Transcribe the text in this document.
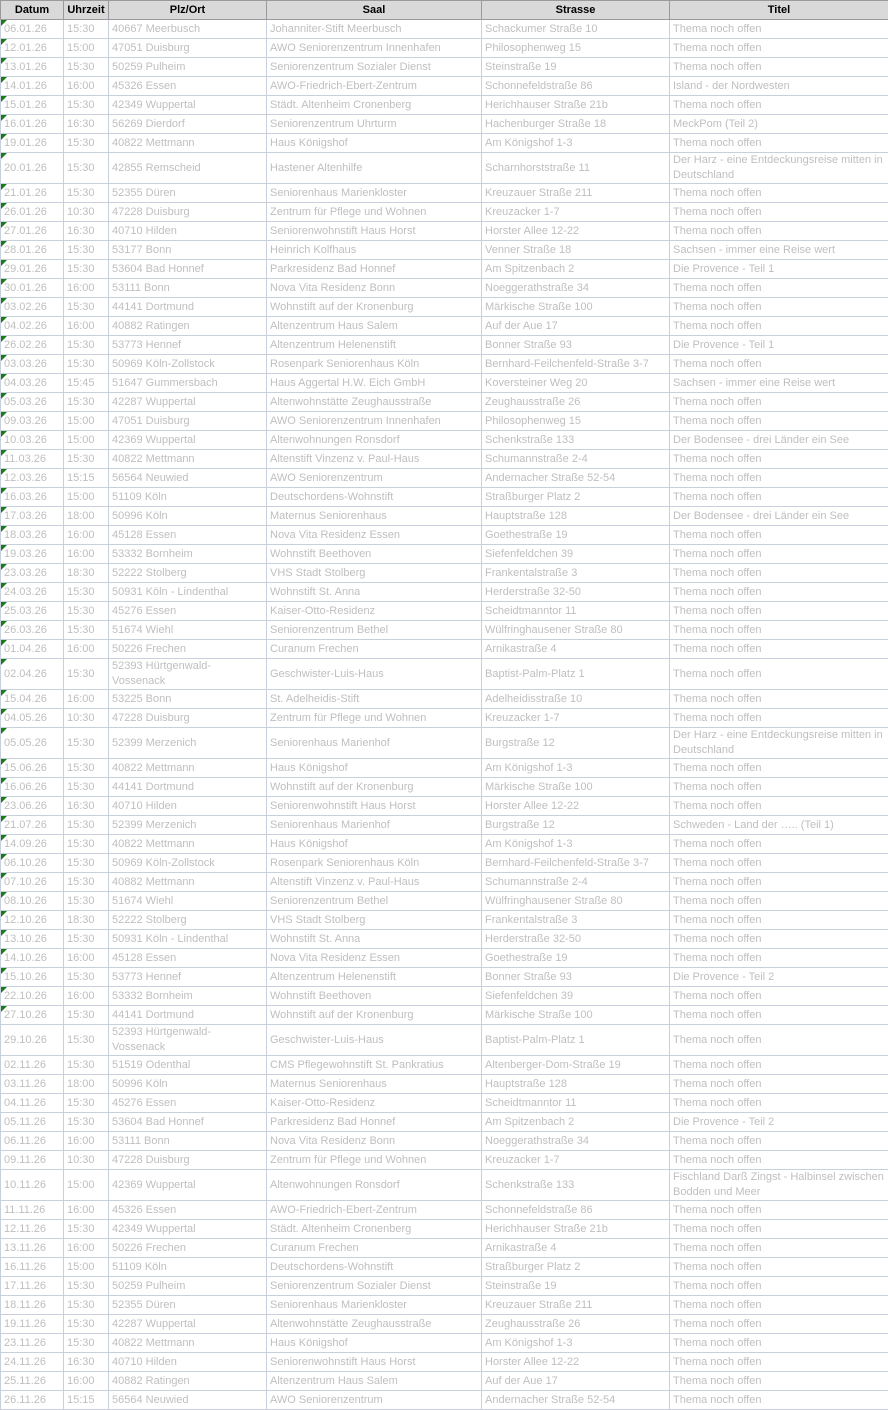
Datum	Uhrzeit	Plz/Ort	Saal	Strasse	Titel

06.01.26	15:30	40667 Meerbusch	Johanniter-Stift Meerbusch	Schackumer Straße 10	Thema noch offen

12.01.26	15:00	47051 Duisburg	AWO Seniorenzentrum Innenhafen	Philosophenweg 15	Thema noch offen

13.01.26	15:30	50259 Pulheim	Seniorenzentrum Sozialer Dienst	Steinstraße 19	Thema noch offen

14.01.26	16:00	45326 Essen	AWO-Friedrich-Ebert-Zentrum	Schonnefeldstraße 86	Island - der Nordwesten

15.01.26	15:30	42349 Wuppertal	Städt. Altenheim Cronenberg	Herichhauser Straße 21b	Thema noch offen

16.01.26	16:30	56269 Dierdorf	Seniorenzentrum Uhrturm	Hachenburger Straße 18	MeckPom (Teil 2)

19.01.26	15:30	40822 Mettmann	Haus Königshof	Am Königshof 1-3	Thema noch offen

20.01.26	15:30	42855 Remscheid	Hastener Altenhilfe	Scharnhorststraße 11	Der Harz - eine Entdeckungsreise mitten in Deutschland

21.01.26	15:30	52355 Düren	Seniorenhaus Marienkloster	Kreuzauer Straße 211	Thema noch offen

26.01.26	10:30	47228 Duisburg	Zentrum für Pflege und Wohnen	Kreuzacker 1-7	Thema noch offen

27.01.26	16:30	40710 Hilden	Seniorenwohnstift Haus Horst	Horster Allee 12-22	Thema noch offen

28.01.26	15:30	53177 Bonn	Heinrich Kolfhaus	Venner Straße 18	Sachsen - immer eine Reise wert

29.01.26	15:30	53604 Bad Honnef	Parkresidenz Bad Honnef	Am Spitzenbach 2	Die Provence - Teil 1

30.01.26	16:00	53111 Bonn	Nova Vita Residenz Bonn	Noeggerathstraße 34	Thema noch offen

03.02.26	15:30	44141 Dortmund	Wohnstift auf der Kronenburg	Märkische Straße 100	Thema noch offen

04.02.26	16:00	40882 Ratingen	Altenzentrum Haus Salem	Auf der Aue 17	Thema noch offen

26.02.26	15:30	53773 Hennef	Altenzentrum Helenenstift	Bonner Straße 93	Die Provence - Teil 1

03.03.26	15:30	50969 Köln-Zollstock	Rosenpark Seniorenhaus Köln	Bernhard-Feilchenfeld-Straße 3-7	Thema noch offen

04.03.26	15:45	51647 Gummersbach	Haus Aggertal H.W. Eich GmbH	Koversteiner Weg 20	Sachsen - immer eine Reise wert

05.03.26	15:30	42287 Wuppertal	Altenwohnstätte Zeughausstraße	Zeughausstraße 26	Thema noch offen

09.03.26	15:00	47051 Duisburg	AWO Seniorenzentrum Innenhafen	Philosophenweg 15	Thema noch offen

10.03.26	15:00	42369 Wuppertal	Altenwohnungen Ronsdorf	Schenkstraße 133	Der Bodensee - drei Länder ein See

11.03.26	15:30	40822 Mettmann	Altenstift Vinzenz v. Paul-Haus	Schumannstraße 2-4	Thema noch offen

12.03.26	15:15	56564 Neuwied	AWO Seniorenzentrum	Andernacher Straße 52-54	Thema noch offen

16.03.26	15:00	51109 Köln	Deutschordens-Wohnstift	Straßburger Platz 2	Thema noch offen

17.03.26	18:00	50996 Köln	Maternus Seniorenhaus	Hauptstraße 128	Der Bodensee - drei Länder ein See

18.03.26	16:00	45128 Essen	Nova Vita Residenz Essen	Goethestraße 19	Thema noch offen

19.03.26	16:00	53332 Bornheim	Wohnstift Beethoven	Siefenfeldchen 39	Thema noch offen

23.03.26	18:30	52222 Stolberg	VHS Stadt Stolberg	Frankentalstraße 3	Thema noch offen

24.03.26	15:30	50931 Köln - Lindenthal	Wohnstift St. Anna	Herderstraße 32-50	Thema noch offen

25.03.26	15:30	45276 Essen	Kaiser-Otto-Residenz	Scheidtmanntor 11	Thema noch offen

26.03.26	15:30	51674 Wiehl	Seniorenzentrum Bethel	Wülfringhausener Straße 80	Thema noch offen

01.04.26	16:00	50226 Frechen	Curanum Frechen	Arnikastraße 4	Thema noch offen

02.04.26	15:30	52393 Hürtgenwald-Vossenack	Geschwister-Luis-Haus	Baptist-Palm-Platz 1	Thema noch offen

15.04.26	16:00	53225 Bonn	St. Adelheidis-Stift	Adelheidisstraße 10	Thema noch offen

04.05.26	10:30	47228 Duisburg	Zentrum für Pflege und Wohnen	Kreuzacker 1-7	Thema noch offen

05.05.26	15:30	52399 Merzenich	Seniorenhaus Marienhof	Burgstraße 12	Der Harz - eine Entdeckungsreise mitten in Deutschland

15.06.26	15:30	40822 Mettmann	Haus Königshof	Am Königshof 1-3	Thema noch offen

16.06.26	15:30	44141 Dortmund	Wohnstift auf der Kronenburg	Märkische Straße 100	Thema noch offen

23.06.26	16:30	40710 Hilden	Seniorenwohnstift Haus Horst	Horster Allee 12-22	Thema noch offen

21.07.26	15:30	52399 Merzenich	Seniorenhaus Marienhof	Burgstraße 12	Schweden - Land der ….. (Teil 1)

14.09.26	15:30	40822 Mettmann	Haus Königshof	Am Königshof 1-3	Thema noch offen

06.10.26	15:30	50969 Köln-Zollstock	Rosenpark Seniorenhaus Köln	Bernhard-Feilchenfeld-Straße 3-7	Thema noch offen

07.10.26	15:30	40882 Mettmann	Altenstift Vinzenz v. Paul-Haus	Schumannstraße 2-4	Thema noch offen

08.10.26	15:30	51674 Wiehl	Seniorenzentrum Bethel	Wülfringhausener Straße 80	Thema noch offen

12.10.26	18:30	52222 Stolberg	VHS Stadt Stolberg	Frankentalstraße 3	Thema noch offen

13.10.26	15:30	50931 Köln - Lindenthal	Wohnstift St. Anna	Herderstraße 32-50	Thema noch offen

14.10.26	16:00	45128 Essen	Nova Vita Residenz Essen	Goethestraße 19	Thema noch offen

15.10.26	15:30	53773 Hennef	Altenzentrum Helenenstift	Bonner Straße 93	Die Provence - Teil 2

22.10.26	16:00	53332 Bornheim	Wohnstift Beethoven	Siefenfeldchen 39	Thema noch offen

27.10.26	15:30	44141 Dortmund	Wohnstift auf der Kronenburg	Märkische Straße 100	Thema noch offen
29.10.26	15:30	52393 Hürtgenwald-Vossenack	Geschwister-Luis-Haus	Baptist-Palm-Platz 1	Thema noch offen
02.11.26	15:30	51519 Odenthal	CMS Pflegewohnstift St. Pankratius	Altenberger-Dom-Straße 19	Thema noch offen
03.11.26	18:00	50996 Köln	Maternus Seniorenhaus	Hauptstraße 128	Thema noch offen
04.11.26	15:30	45276 Essen	Kaiser-Otto-Residenz	Scheidtmanntor 11	Thema noch offen
05.11.26	15:30	53604 Bad Honnef	Parkresidenz Bad Honnef	Am Spitzenbach 2	Die Provence - Teil 2
06.11.26	16:00	53111 Bonn	Nova Vita Residenz Bonn	Noeggerathstraße 34	Thema noch offen
09.11.26	10:30	47228 Duisburg	Zentrum für Pflege und Wohnen	Kreuzacker 1-7	Thema noch offen
10.11.26	15:00	42369 Wuppertal	Altenwohnungen Ronsdorf	Schenkstraße 133	Fischland Darß Zingst - Halbinsel zwischen Bodden und Meer
11.11.26	16:00	45326 Essen	AWO-Friedrich-Ebert-Zentrum	Schonnefeldstraße 86	Thema noch offen
12.11.26	15:30	42349 Wuppertal	Städt. Altenheim Cronenberg	Herichhauser Straße 21b	Thema noch offen
13.11.26	16:00	50226 Frechen	Curanum Frechen	Arnikastraße 4	Thema noch offen
16.11.26	15:00	51109 Köln	Deutschordens-Wohnstift	Straßburger Platz 2	Thema noch offen
17.11.26	15:30	50259 Pulheim	Seniorenzentrum Sozialer Dienst	Steinstraße 19	Thema noch offen
18.11.26	15:30	52355 Düren	Seniorenhaus Marienkloster	Kreuzauer Straße 211	Thema noch offen
19.11.26	15:30	42287 Wuppertal	Altenwohnstätte Zeughausstraße	Zeughausstraße 26	Thema noch offen
23.11.26	15:30	40822 Mettmann	Haus Königshof	Am Königshof 1-3	Thema noch offen
24.11.26	16:30	40710 Hilden	Seniorenwohnstift Haus Horst	Horster Allee 12-22	Thema noch offen
25.11.26	16:00	40882 Ratingen	Altenzentrum Haus Salem	Auf der Aue 17	Thema noch offen
26.11.26	15:15	56564 Neuwied	AWO Seniorenzentrum	Andernacher Straße 52-54	Thema noch offen
